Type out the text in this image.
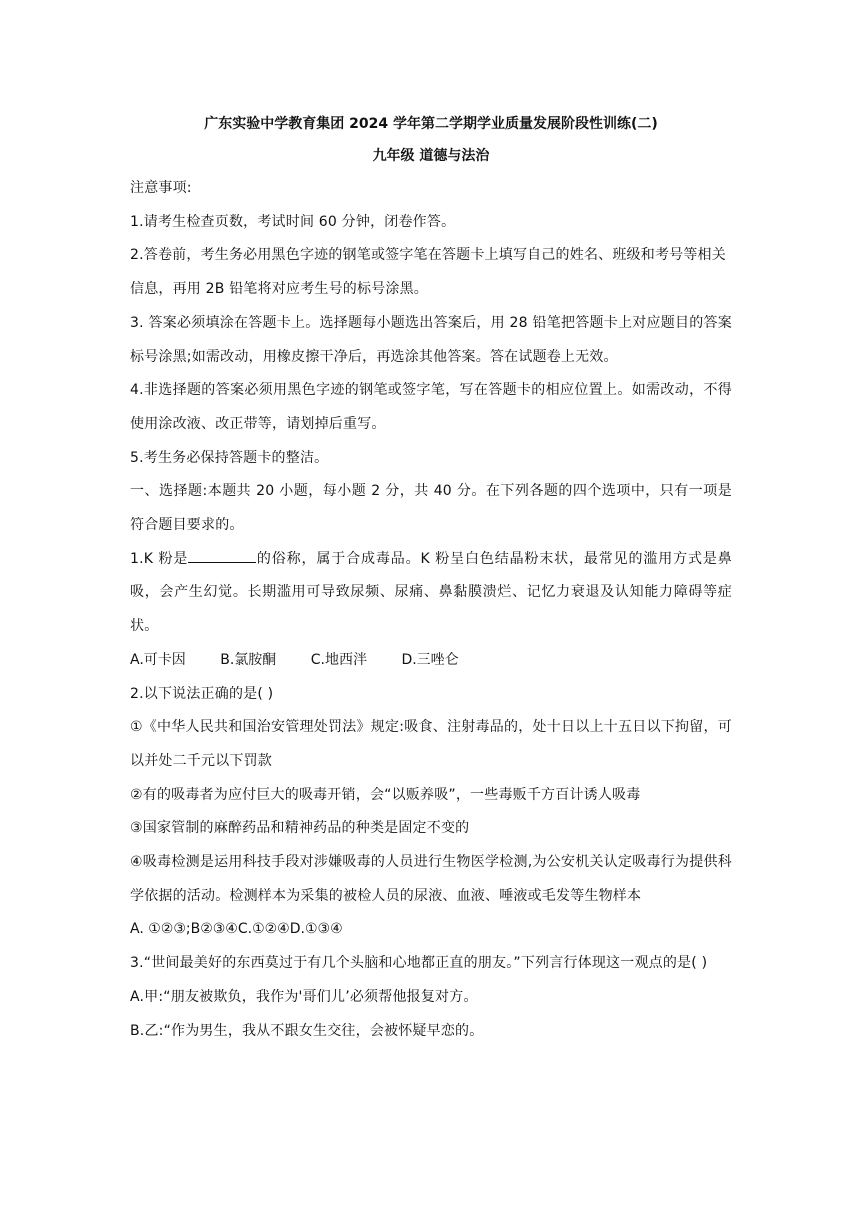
广东实验中学教育集团 2024 学年第二学期学业质量发展阶段性训练(二)

九年级 道德与法治

注意事项:

1.请考生检查页数，考试时间 60 分钟，闭卷作答。

2.答卷前，考生务必用黑色字迹的钢笔或签字笔在答题卡上填写自己的姓名、班级和考号等相关

信息，再用 2B 铅笔将对应考生号的标号涂黑。

3. 答案必须填涂在答题卡上。选择题每小题选出答案后，用 28 铅笔把答题卡上对应题目的答案标号涂黑;如需改动，用橡皮擦干净后，再选涂其他答案。答在试题卷上无效。

4.非选择题的答案必须用黑色字迹的钢笔或签字笔，写在答题卡的相应位置上。如需改动，不得使用涂改液、改正带等，请划掉后重写。

5.考生务必保持答题卡的整洁。

一、选择题:本题共 20 小题，每小题 2 分，共 40 分。在下列各题的四个选项中，只有一项是符合题目要求的。

1.K 粉是	的俗称，属于合成毒品。K 粉呈白色结晶粉末状，最常见的滥用方式是鼻吸，会产生幻觉。长期滥用可导致尿频、尿痛、鼻黏膜溃烂、记忆力衰退及认知能力障碍等症状。

A.可卡因 B.氯胺酮 C.地西泮 D.三唑仑

2.以下说法正确的是( )

①《中华人民共和国治安管理处罚法》规定:吸食、注射毒品的，处十日以上十五日以下拘留，可以并处二千元以下罚款

②有的吸毒者为应付巨大的吸毒开销，会“以贩养吸”，一些毒贩千方百计诱人吸毒

③国家管制的麻醉药品和精神药品的种类是固定不变的

④吸毒检测是运用科技手段对涉嫌吸毒的人员进行生物医学检测,为公安机关认定吸毒行为提供科学依据的活动。检测样本为采集的被检人员的尿液、血液、唾液或毛发等生物样本

A. ①②③;B②③④C.①②④D.①③④

3.“世间最美好的东西莫过于有几个头脑和心地都正直的朋友。”下列言行体现这一观点的是( )

A.甲:“朋友被欺负，我作为'哥们儿’必须帮他报复对方。

B.乙:“作为男生，我从不跟女生交往，会被怀疑早恋的。
